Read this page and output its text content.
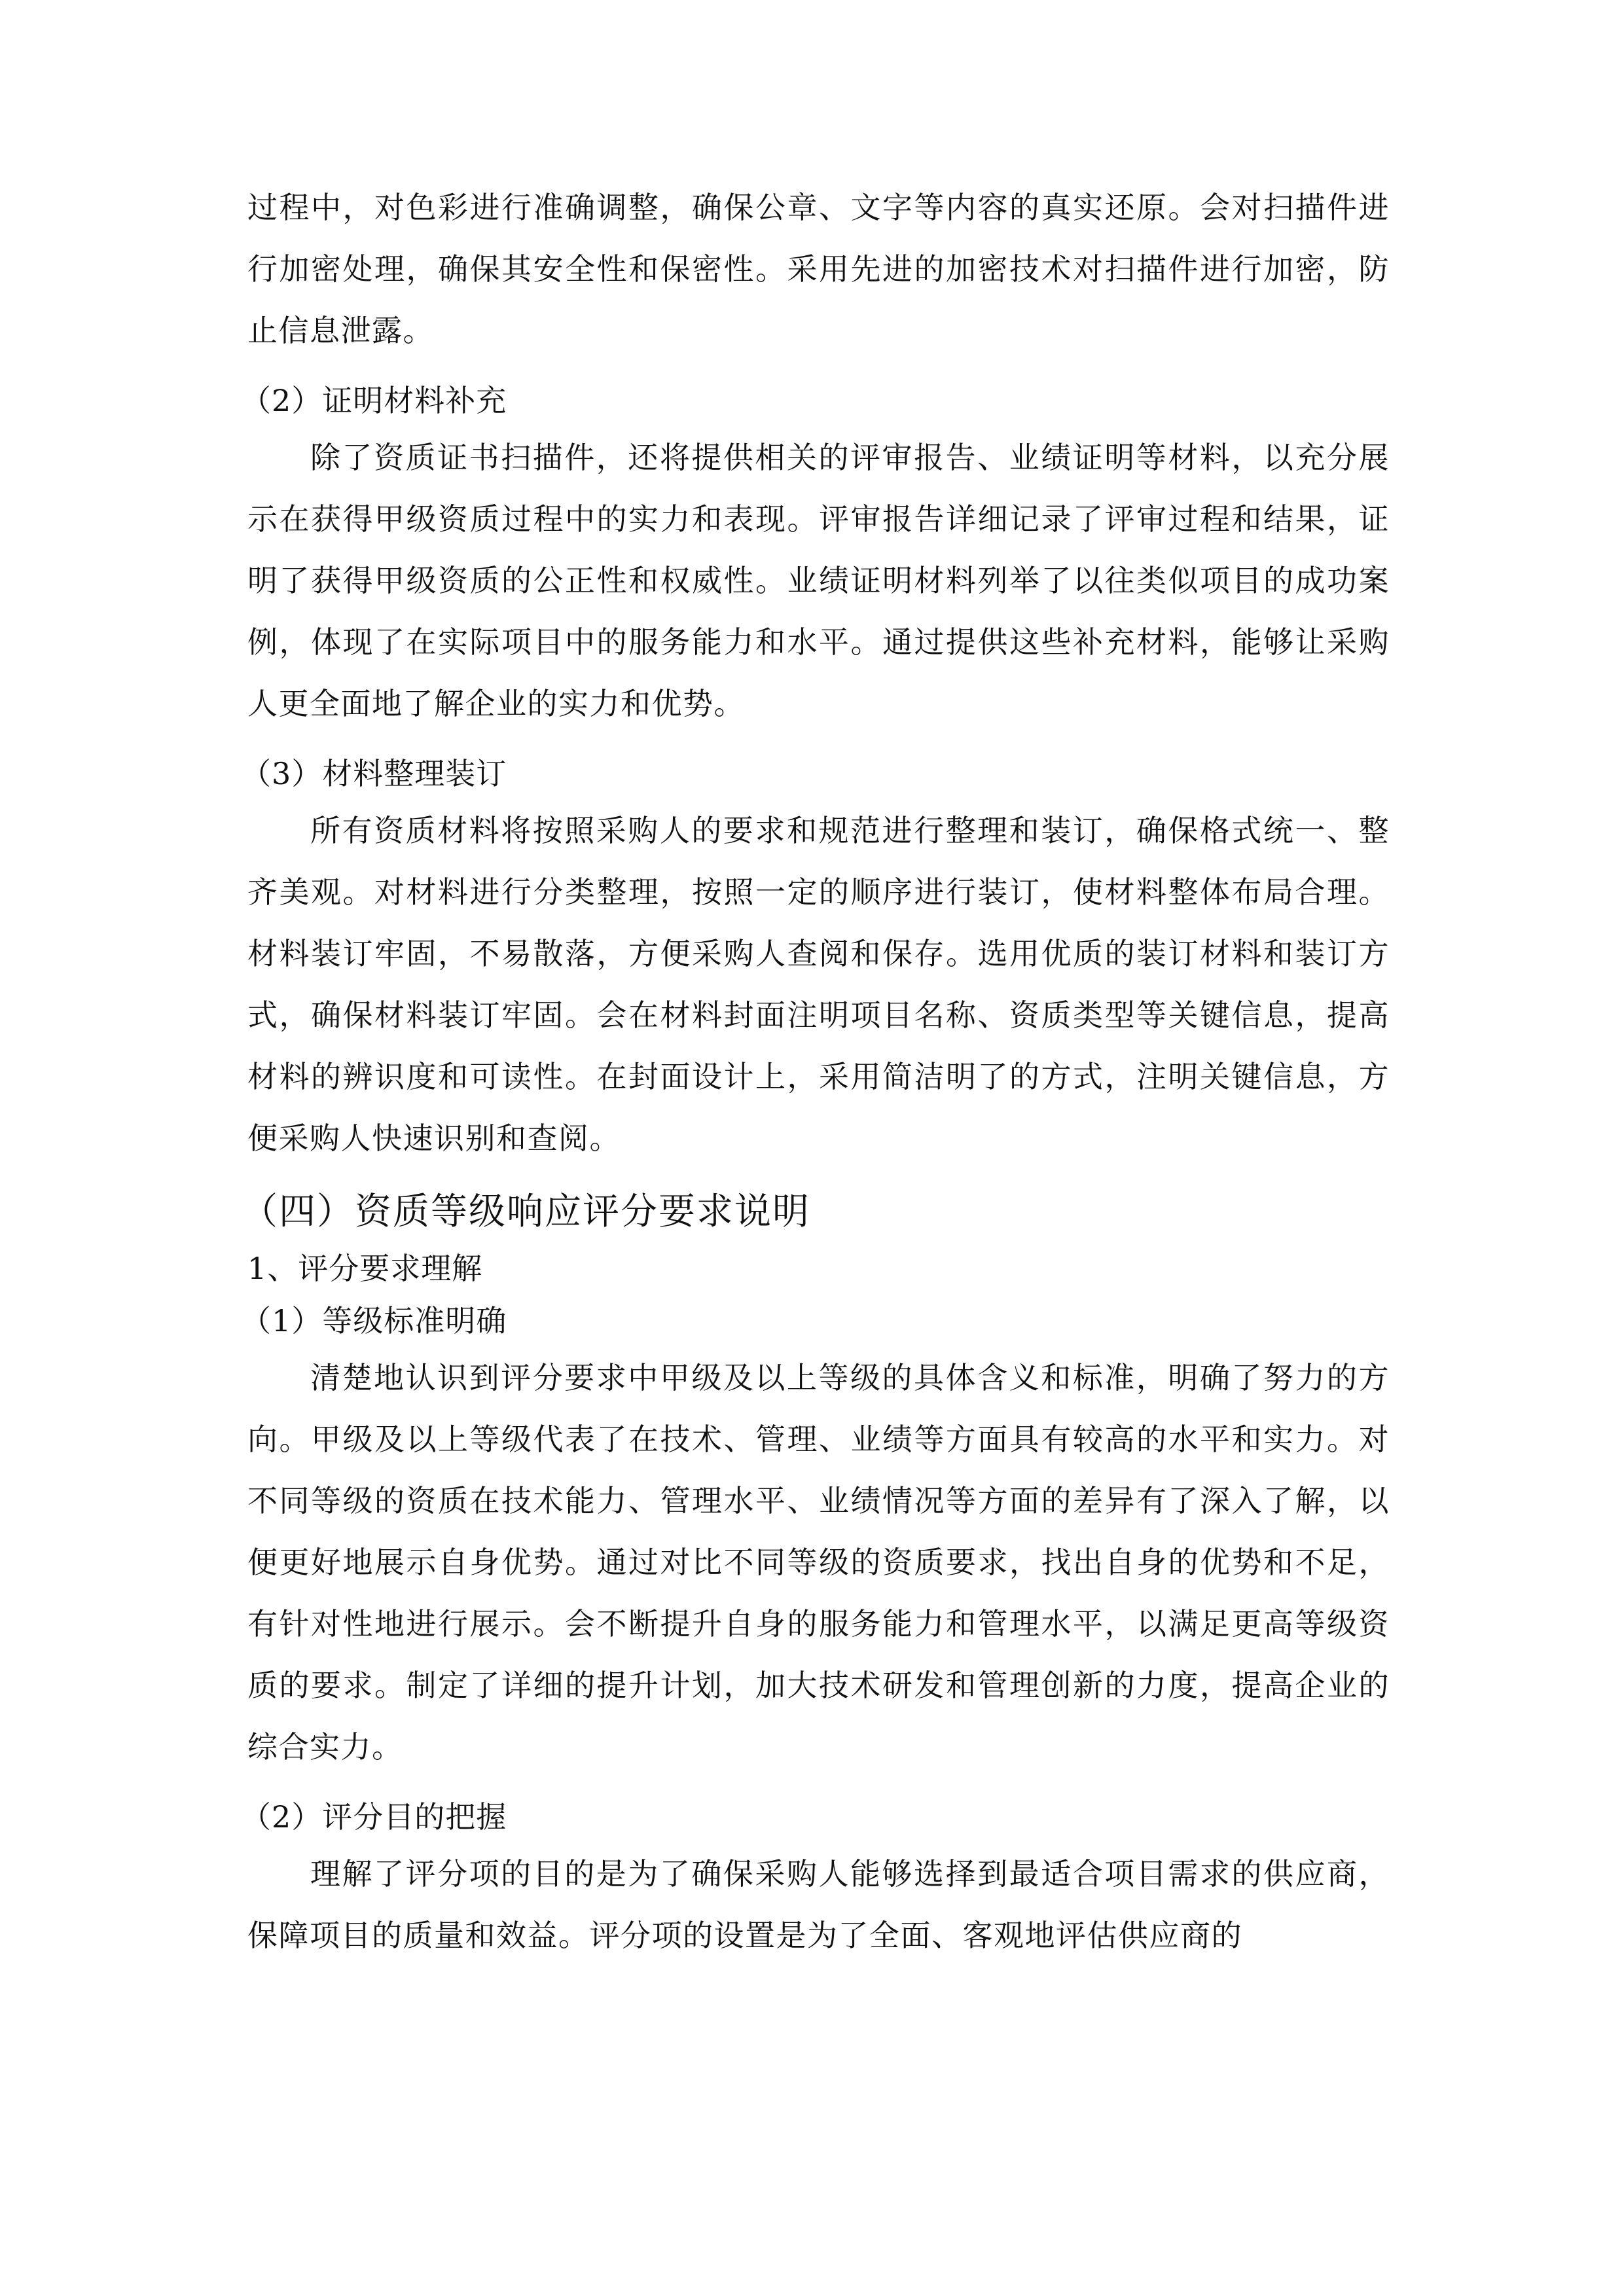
过程中，对色彩进行准确调整，确保公章、文字等内容的真实还原。会对扫描件进行加密处理，确保其安全性和保密性。采用先进的加密技术对扫描件进行加密，防止信息泄露。

（2）证明材料补充

除了资质证书扫描件，还将提供相关的评审报告、业绩证明等材料，以充分展示在获得甲级资质过程中的实力和表现。评审报告详细记录了评审过程和结果，证明了获得甲级资质的公正性和权威性。业绩证明材料列举了以往类似项目的成功案例，体现了在实际项目中的服务能力和水平。通过提供这些补充材料，能够让采购人更全面地了解企业的实力和优势。

（3）材料整理装订

所有资质材料将按照采购人的要求和规范进行整理和装订，确保格式统一、整齐美观。对材料进行分类整理，按照一定的顺序进行装订，使材料整体布局合理。材料装订牢固，不易散落，方便采购人查阅和保存。选用优质的装订材料和装订方式，确保材料装订牢固。会在材料封面注明项目名称、资质类型等关键信息，提高材料的辨识度和可读性。在封面设计上，采用简洁明了的方式，注明关键信息，方便采购人快速识别和查阅。

（四）资质等级响应评分要求说明

1、评分要求理解

（1）等级标准明确

清楚地认识到评分要求中甲级及以上等级的具体含义和标准，明确了努力的方向。甲级及以上等级代表了在技术、管理、业绩等方面具有较高的水平和实力。对不同等级的资质在技术能力、管理水平、业绩情况等方面的差异有了深入了解，以便更好地展示自身优势。通过对比不同等级的资质要求，找出自身的优势和不足，有针对性地进行展示。会不断提升自身的服务能力和管理水平，以满足更高等级资质的要求。制定了详细的提升计划，加大技术研发和管理创新的力度，提高企业的综合实力。

（2）评分目的把握

理解了评分项的目的是为了确保采购人能够选择到最适合项目需求的供应商，保障项目的质量和效益。评分项的设置是为了全面、客观地评估供应商的
